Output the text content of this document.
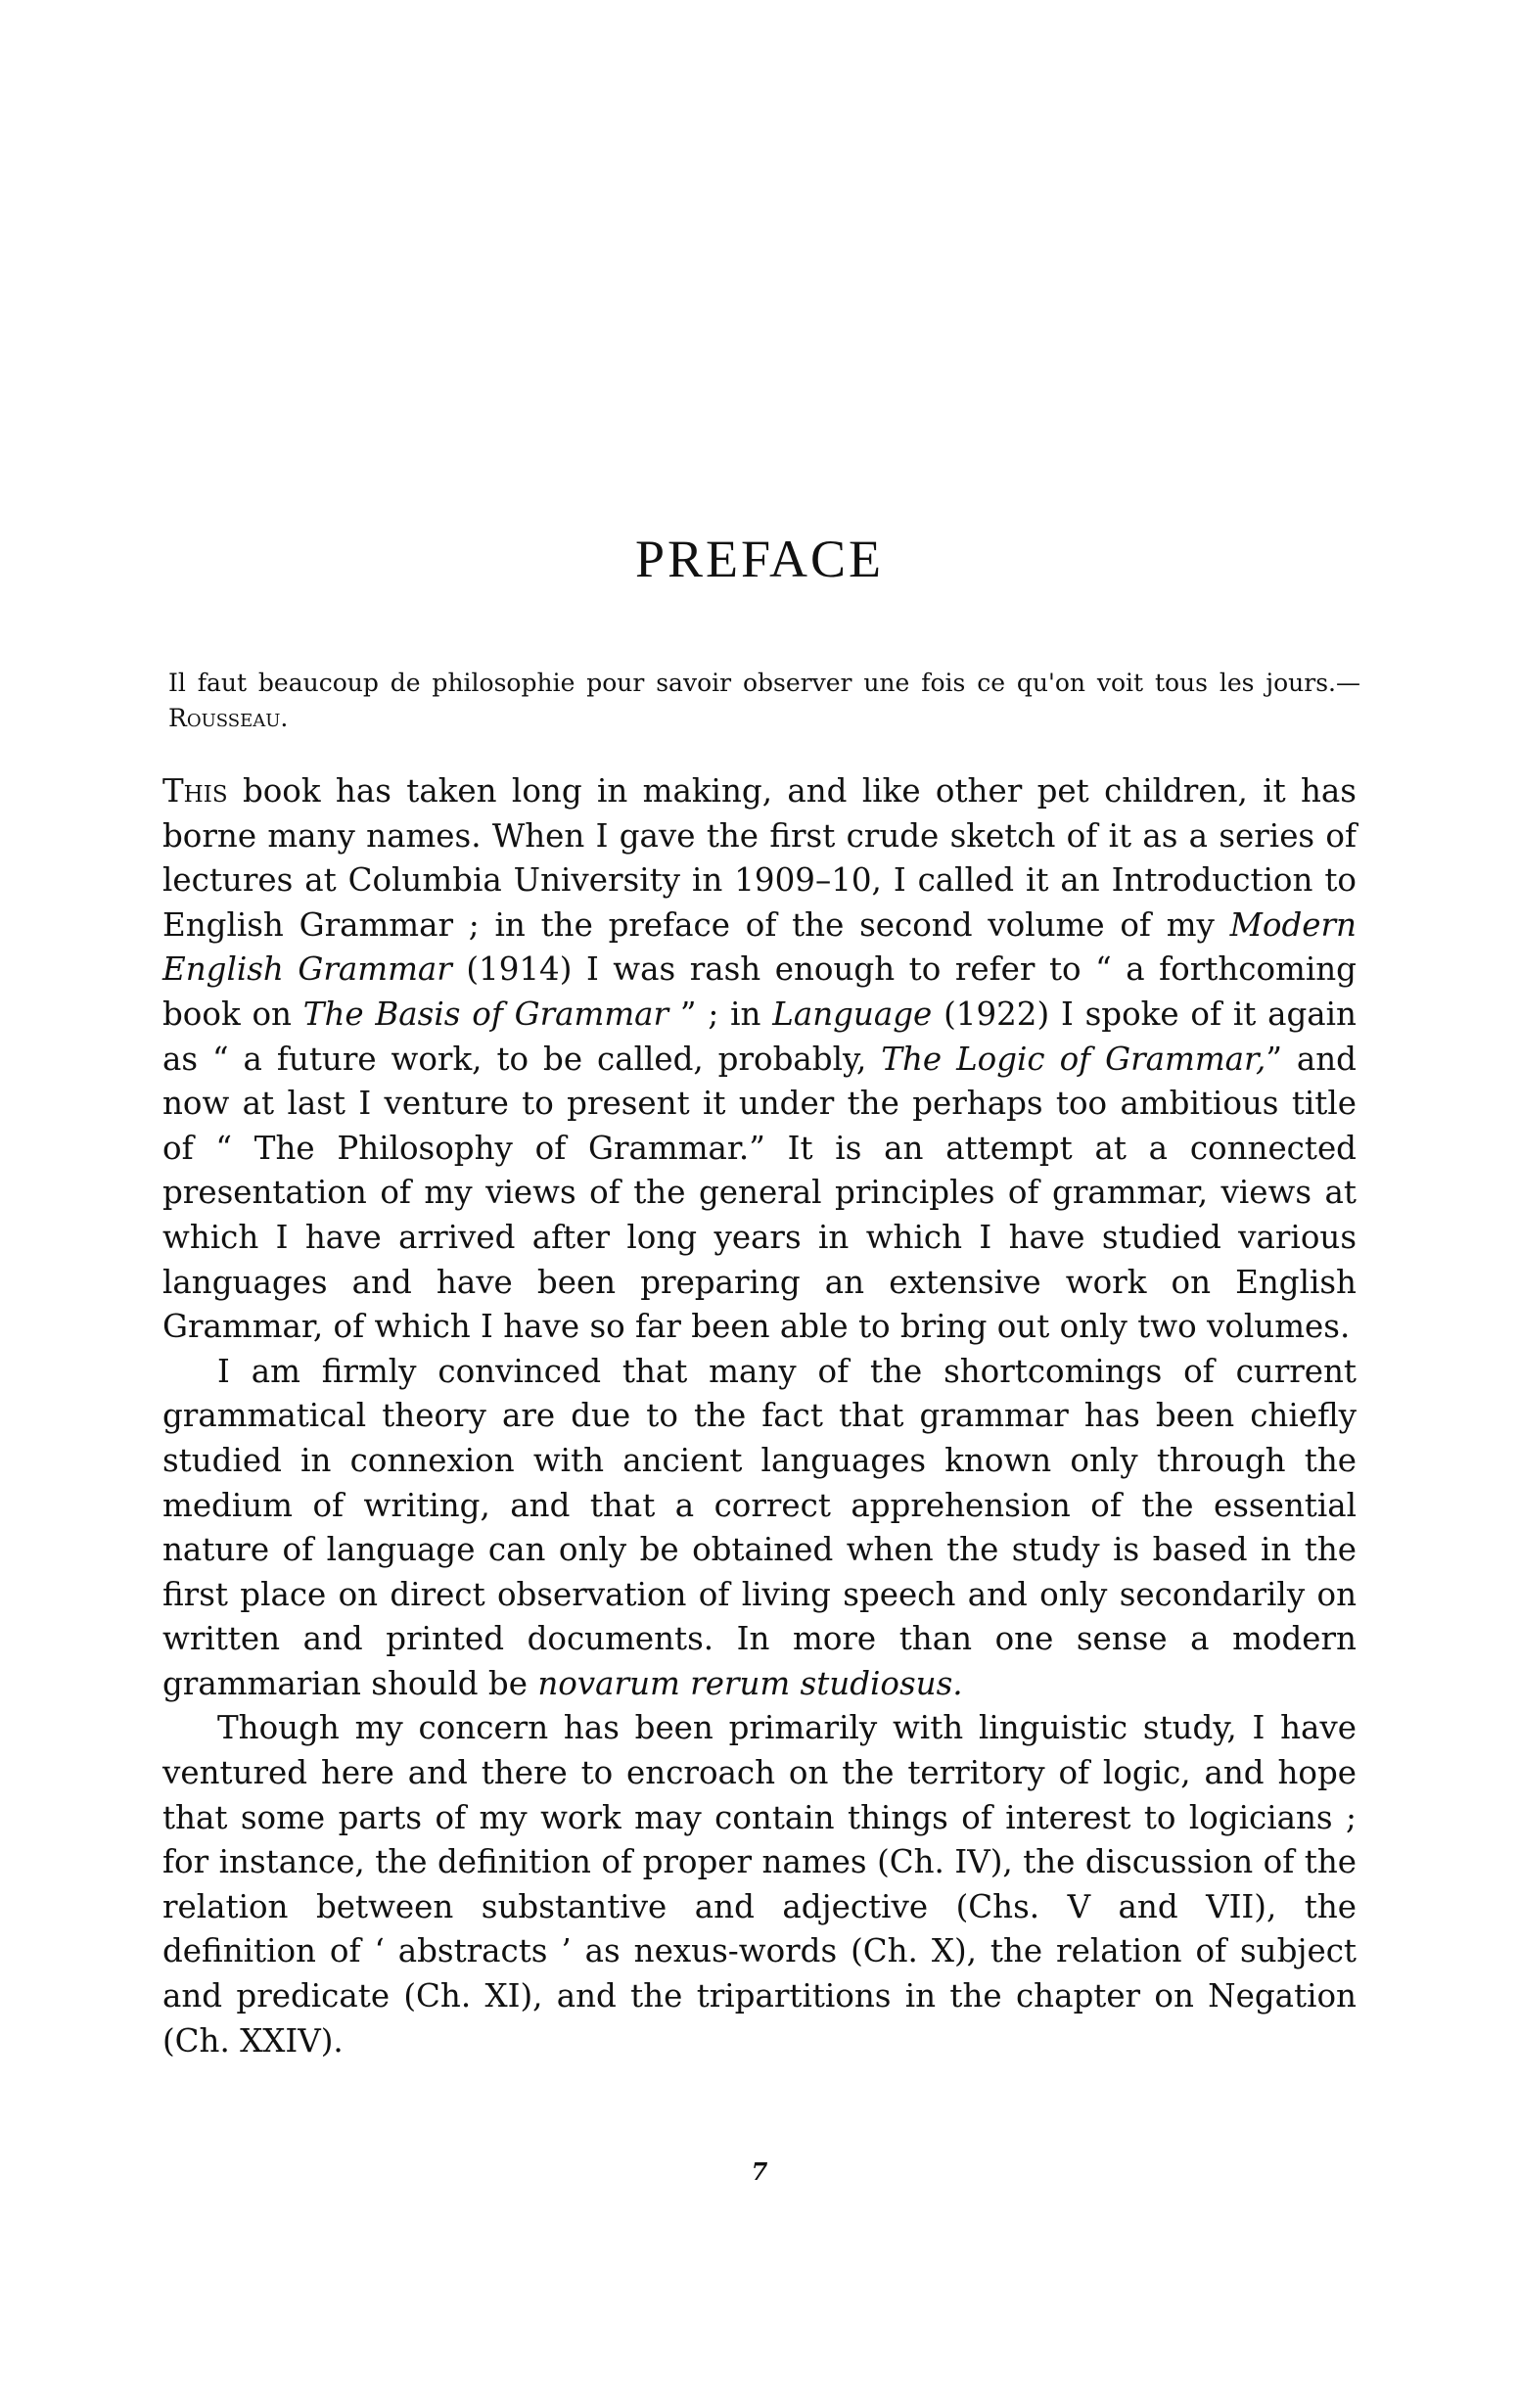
PREFACE

Il faut beaucoup de philosophie pour savoir observer une fois ce qu'on voit tous les jours.—Rousseau.

This book has taken long in making, and like other pet children, it has borne many names. When I gave the first crude sketch of it as a series of lectures at Columbia University in 1909–10, I called it an Introduction to English Grammar ; in the preface of the second volume of my Modern English Grammar (1914) I was rash enough to refer to “ a forthcoming book on The Basis of Grammar ” ; in Language (1922) I spoke of it again as “ a future work, to be called, probably, The Logic of Grammar,” and now at last I venture to present it under the perhaps too ambitious title of “ The Philosophy of Grammar.” It is an attempt at a connected presentation of my views of the general principles of grammar, views at which I have arrived after long years in which I have studied various languages and have been preparing an extensive work on English Grammar, of which I have so far been able to bring out only two volumes.

I am firmly convinced that many of the shortcomings of current grammatical theory are due to the fact that grammar has been chiefly studied in connexion with ancient languages known only through the medium of writing, and that a correct apprehension of the essential nature of language can only be obtained when the study is based in the first place on direct observation of living speech and only secondarily on written and printed documents. In more than one sense a modern grammarian should be novarum rerum studiosus.

Though my concern has been primarily with linguistic study, I have ventured here and there to encroach on the territory of logic, and hope that some parts of my work may contain things of interest to logicians ; for instance, the definition of proper names (Ch. IV), the discussion of the relation between substantive and adjective (Chs. V and VII), the definition of ‘ abstracts ’ as nexus-words (Ch. X), the relation of subject and predicate (Ch. XI), and the tripartitions in the chapter on Negation (Ch. XXIV).

7
